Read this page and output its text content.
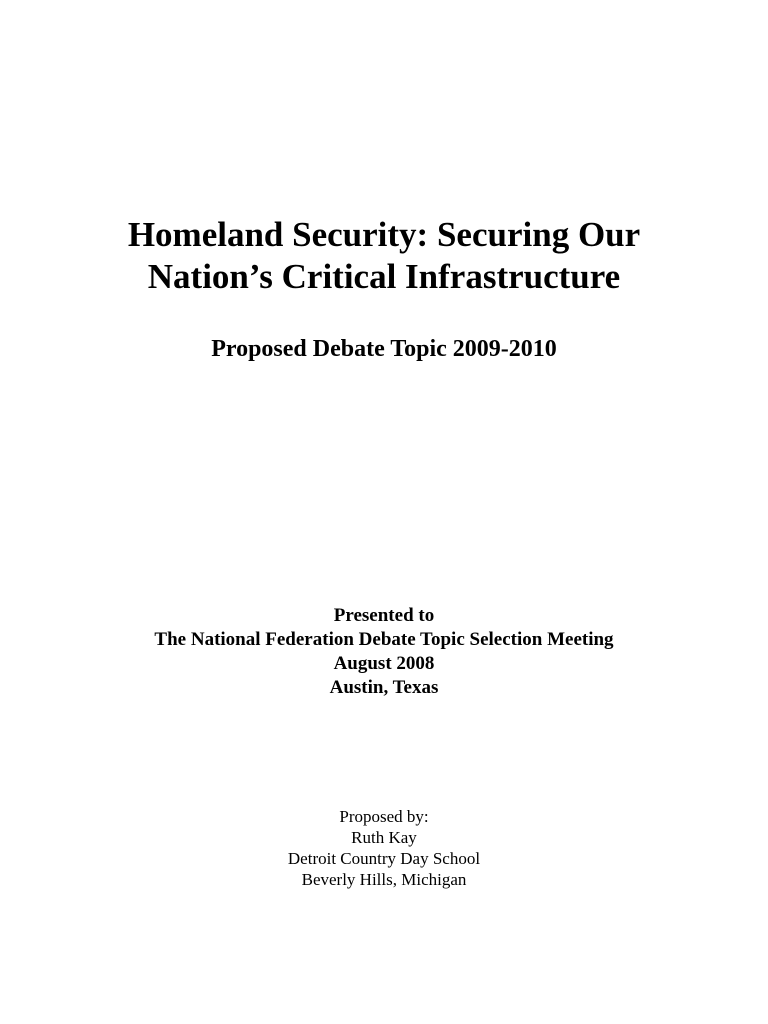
Homeland Security: Securing Our
Nation’s Critical Infrastructure
Proposed Debate Topic 2009-2010
Presented to
The National Federation Debate Topic Selection Meeting
August 2008
Austin, Texas
Proposed by:
Ruth Kay
Detroit Country Day School
Beverly Hills, Michigan
